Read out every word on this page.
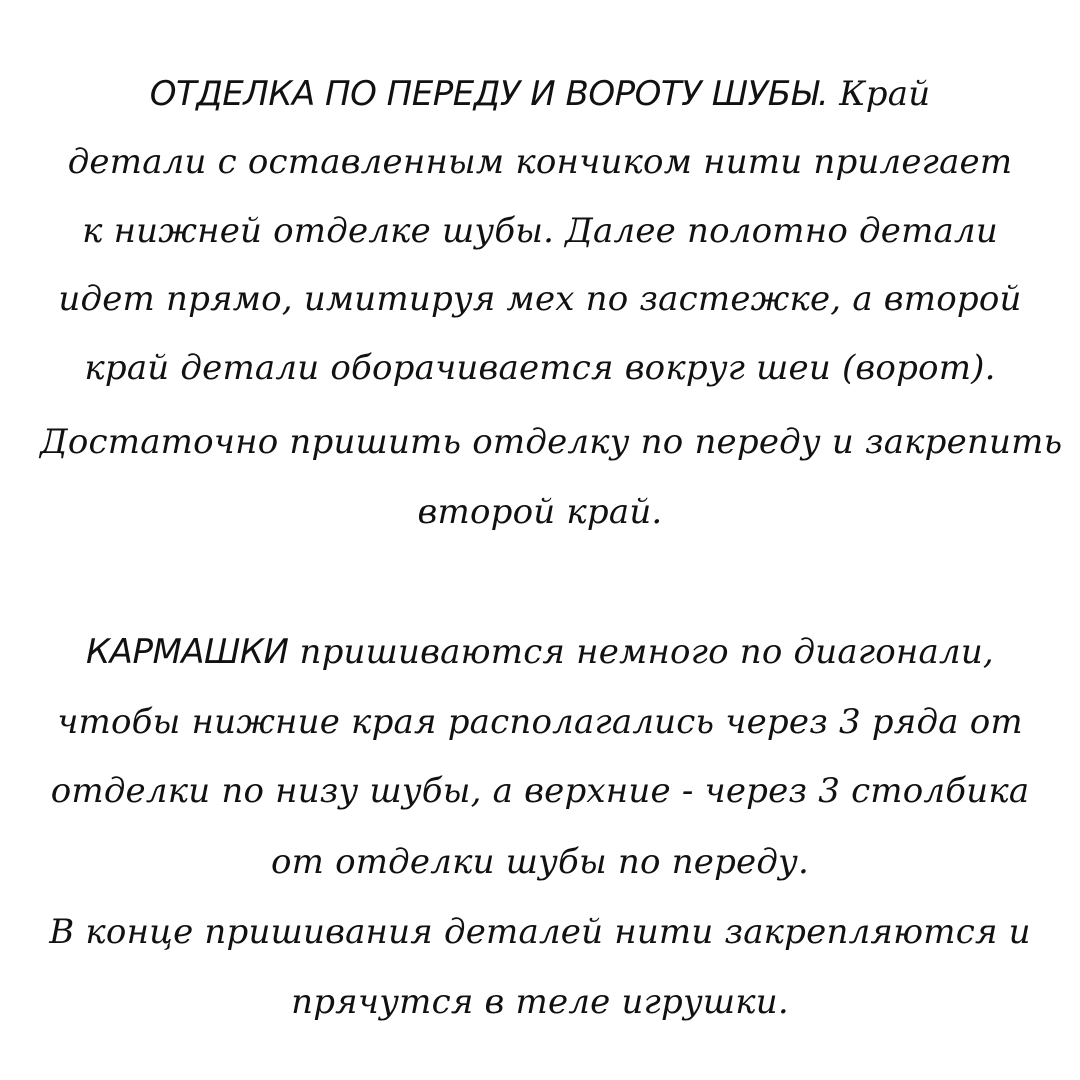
ОТДЕЛКА ПО ПЕРЕДУ И ВОРОТУ ШУБЫ. Край
детали с оставленным кончиком нити прилегает
к нижней отделке шубы. Далее полотно детали
идет прямо, имитируя мех по застежке, а второй
край детали оборачивается вокруг шеи (ворот).
Достаточно пришить отделку по переду и закрепить
второй край.
КАРМАШКИ пришиваются немного по диагонали,
чтобы нижние края располагались через 3 ряда от
отделки по низу шубы, а верхние - через 3 столбика
от отделки шубы по переду.
В конце пришивания деталей нити закрепляются и
прячутся в теле игрушки.
